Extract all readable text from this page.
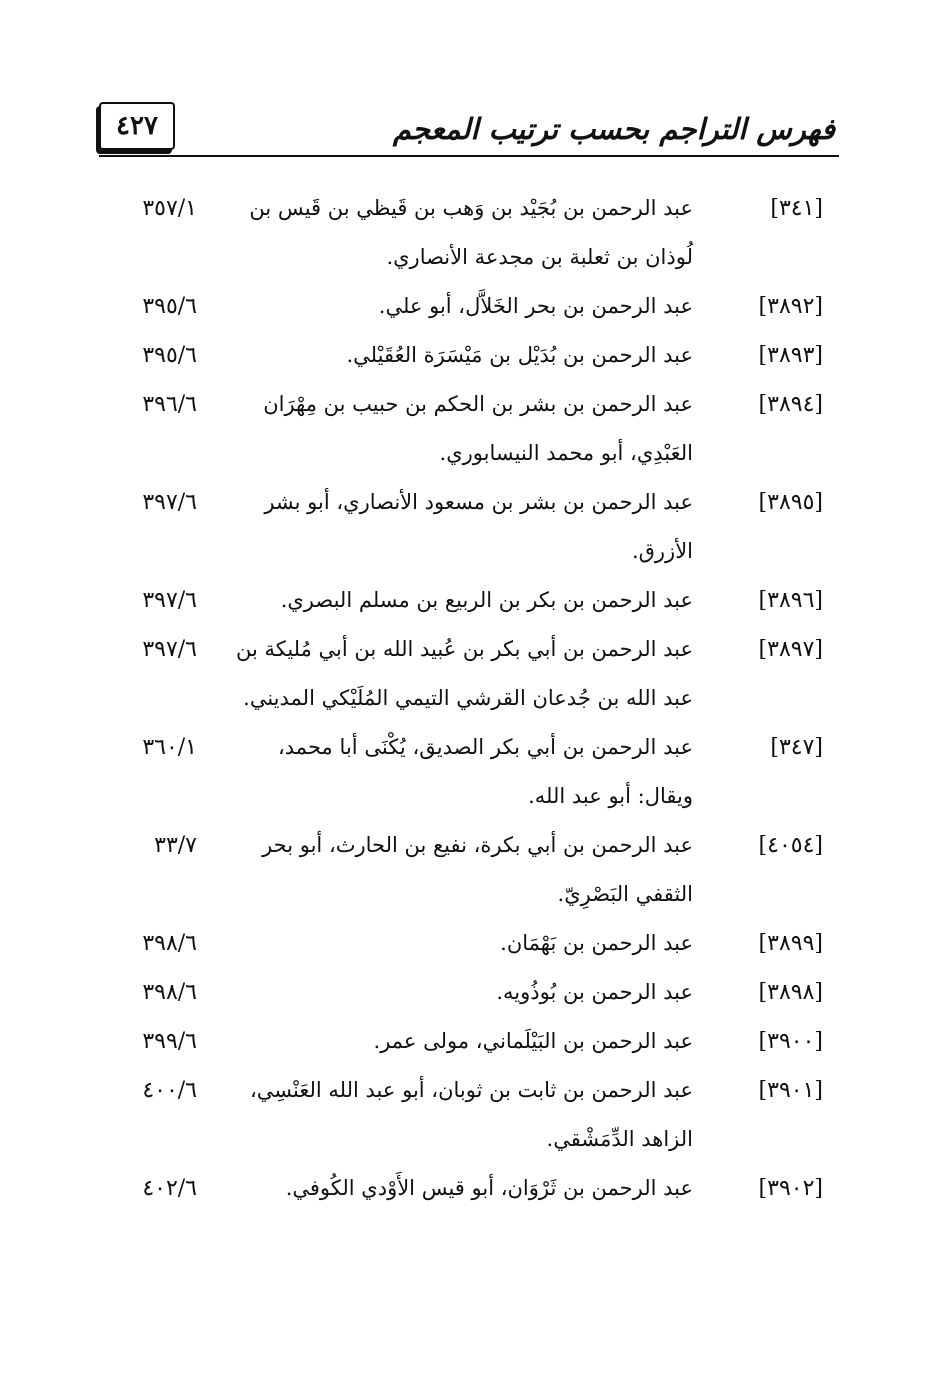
فهرس التراجم بحسب ترتيب المعجم
٤٢٧
[٣٤١]
عبد الرحمن بن بُجَيْد بن وَهب بن قَيظي بن قَيس بن
لُوذان بن ثعلبة بن مجدعة الأنصاري.
٣٥٧/١
[٣٨٩٢]
عبد الرحمن بن بحر الخَلاَّل، أبو علي.
٣٩٥/٦
[٣٨٩٣]
عبد الرحمن بن بُدَيْل بن مَيْسَرَة العُقَيْلي.
٣٩٥/٦
[٣٨٩٤]
عبد الرحمن بن بشر بن الحكم بن حبيب بن مِهْرَان
العَبْدِي، أبو محمد النيسابوري.
٣٩٦/٦
[٣٨٩٥]
عبد الرحمن بن بشر بن مسعود الأنصاري، أبو بشر
الأزرق.
٣٩٧/٦
[٣٨٩٦]
عبد الرحمن بن بكر بن الربيع بن مسلم البصري.
٣٩٧/٦
[٣٨٩٧]
عبد الرحمن بن أبي بكر بن عُبيد الله بن أبي مُليكة بن
عبد الله بن جُدعان القرشي التيمي المُلَيْكي المديني.
٣٩٧/٦
[٣٤٧]
عبد الرحمن بن أبي بكر الصديق، يُكْنَى أبا محمد،
ويقال: أبو عبد الله.
٣٦٠/١
[٤٠٥٤]
عبد الرحمن بن أبي بكرة، نفيع بن الحارث، أبو بحر
الثقفي البَصْرِيّ.
٣٣/٧
[٣٨٩٩]
عبد الرحمن بن بَهْمَان.
٣٩٨/٦
[٣٨٩٨]
عبد الرحمن بن بُوذُويه.
٣٩٨/٦
[٣٩٠٠]
عبد الرحمن بن البَيْلَماني، مولى عمر.
٣٩٩/٦
[٣٩٠١]
عبد الرحمن بن ثابت بن ثوبان، أبو عبد الله العَنْسِي،
الزاهد الدِّمَشْقي.
٤٠٠/٦
[٣٩٠٢]
عبد الرحمن بن ثَرْوَان، أبو قيس الأَوْدي الكُوفي.
٤٠٢/٦
